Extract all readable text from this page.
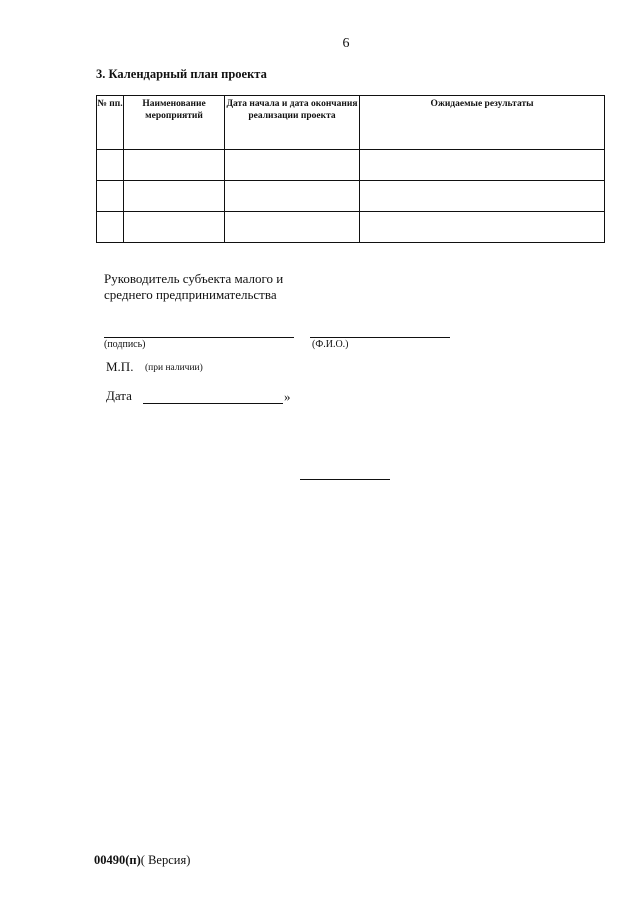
6
3. Календарный план проекта
№ пп.	Наименование мероприятий	Дата начала и дата окончания реализации проекта	Ожидаемые результаты

Руководитель субъекта малого и
среднего предпринимательства
(подпись)	(Ф.И.О.)
М.П. (при наличии)
Дата	»
00490(п)( Версия)
